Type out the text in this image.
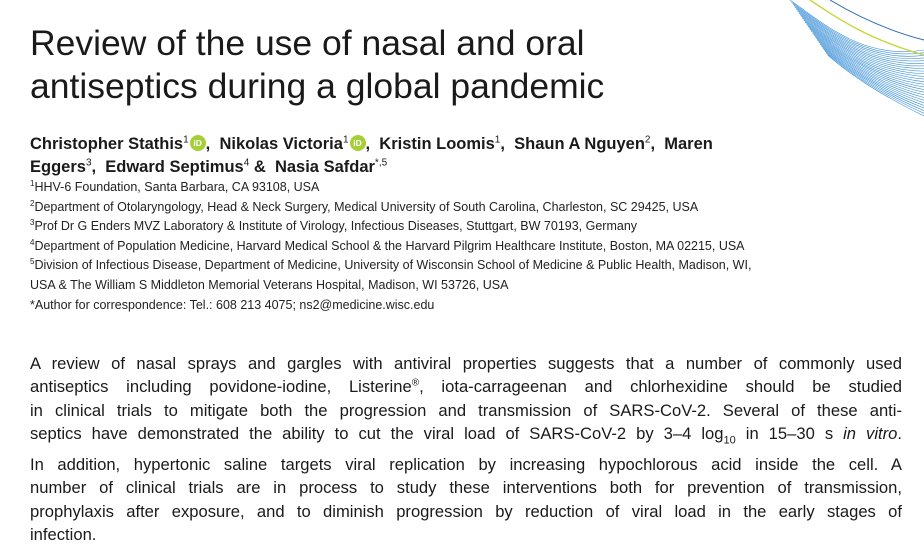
Review of the use of nasal and oral
antiseptics during a global pandemic
Christopher Stathis$^1$ iD , Nikolas Victoria$^1$ iD , Kristin Loomis$^1$, Shaun A Nguyen$^2$, Maren
Eggers$^3$, Edward Septimus$^4$ & Nasia Safdar$^{*,5}$
$^1$HHV-6 Foundation, Santa Barbara, CA 93108, USA
$^2$Department of Otolaryngology, Head & Neck Surgery, Medical University of South Carolina, Charleston, SC 29425, USA
$^3$Prof Dr G Enders MVZ Laboratory & Institute of Virology, Infectious Diseases, Stuttgart, BW 70193, Germany
$^4$Department of Population Medicine, Harvard Medical School & the Harvard Pilgrim Healthcare Institute, Boston, MA 02215, USA
$^5$Division of Infectious Disease, Department of Medicine, University of Wisconsin School of Medicine & Public Health, Madison, WI,
USA & The William S Middleton Memorial Veterans Hospital, Madison, WI 53726, USA
*Author for correspondence: Tel.: 608 213 4075; ns2@medicine.wisc.edu
A review of nasal sprays and gargles with antiviral properties suggests that a number of commonly used
antiseptics including povidone-iodine, Listerine®, iota-carrageenan and chlorhexidine should be studied
in clinical trials to mitigate both the progression and transmission of SARS-CoV-2. Several of these anti-
septics have demonstrated the ability to cut the viral load of SARS-CoV-2 by 3–4 $\log_{10}$ in 15–30 s in vitro.
In addition, hypertonic saline targets viral replication by increasing hypochlorous acid inside the cell. A
number of clinical trials are in process to study these interventions both for prevention of transmission,
prophylaxis after exposure, and to diminish progression by reduction of viral load in the early stages of
infection.
